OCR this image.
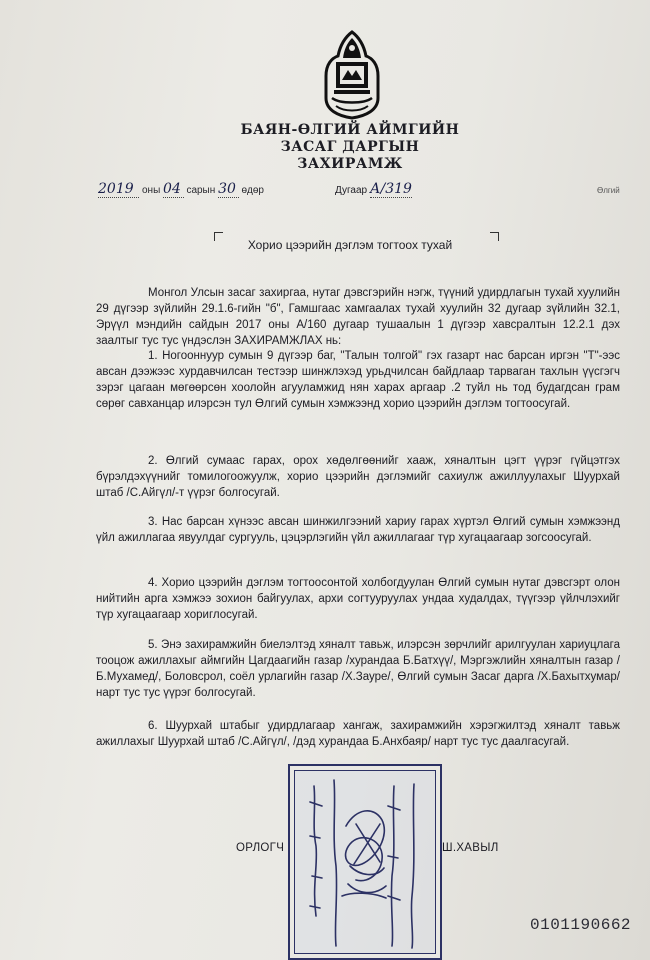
БАЯН-ӨЛГИЙ АЙМГИЙН
ЗАСАГ ДАРГЫН
ЗАХИРАМЖ
2019 оны 04 сарын 30 өдөр	Дугаар А/319	Өлгий
Хорио цээрийн дэглэм тогтоох тухай

Монгол Улсын засаг захиргаа, нутаг дэвсгэрийн нэгж, түүний удирдлагын тухай хуулийн 29 дүгээр зүйлийн 29.1.6-гийн "б", Гамшгаас хамгаалах тухай хуулийн 32 дугаар зүйлийн 32.1, Эрүүл мэндийн сайдын 2017 оны А/160 дугаар тушаалын 1 дүгээр хавсралтын 12.2.1 дэх заалтыг тус тус үндэслэн ЗАХИРАМЖЛАХ нь:

1. Ногооннуур сумын 9 дүгээр баг, "Талын толгой" гэх газарт нас барсан иргэн "Т"-ээс авсан дээжээс хурдавчилсан тестээр шинжлэхэд урьдчилсан байдлаар тарваган тахлын үүсгэгч зэрэг цагаан мөгөөрсөн хоолойн агууламжид нян харах аргаар .2 туйл нь тод будагдсан грам сөрөг савханцар илэрсэн тул Өлгий сумын хэмжээнд хорио цээрийн дэглэм тогтоосугай.

2. Өлгий сумаас гарах, орох хөдөлгөөнийг хааж, хяналтын цэгт үүрэг гүйцэтгэх бүрэлдэхүүнийг томилогоожуулж, хорио цээрийн дэглэмийг сахиулж ажиллуулахыг Шуурхай штаб /С.Айгүл/-т үүрэг болгосугай.

3. Нас барсан хүнээс авсан шинжилгээний хариу гарах хүртэл Өлгий сумын хэмжээнд үйл ажиллагаа явуулдаг сургууль, цэцэрлэгийн үйл ажиллагааг түр хугацаагаар зогсоосугай.

4. Хорио цээрийн дэглэм тогтоосонтой холбогдуулан Өлгий сумын нутаг дэвсгэрт олон нийтийн арга хэмжээ зохион байгуулах, архи согтууруулах ундаа худалдах, түүгээр үйлчлэхийг түр хугацаагаар хориглосугай.

5. Энэ захирамжийн биелэлтэд хяналт тавьж, илэрсэн зөрчлийг арилгуулан хариуцлага тооцож ажиллахыг аймгийн Цагдаагийн газар /хурандаа Б.Батхүү/, Мэргэжлийн хяналтын газар /Б.Мухамед/, Боловсрол, соёл урлагийн газар /Х.Зауре/, Өлгий сумын Засаг дарга /Х.Бахытхумар/ нарт тус тус үүрэг болгосугай.

6. Шуурхай штабыг удирдлагаар хангаж, захирамжийн хэрэгжилтэд хяналт тавьж ажиллахыг Шуурхай штаб /С.Айгүл/, /дэд хурандаа Б.Анхбаяр/ нарт тус тус даалгасугай.

ОРЛОГЧ	Ш.ХАВЫЛ
0101190662
